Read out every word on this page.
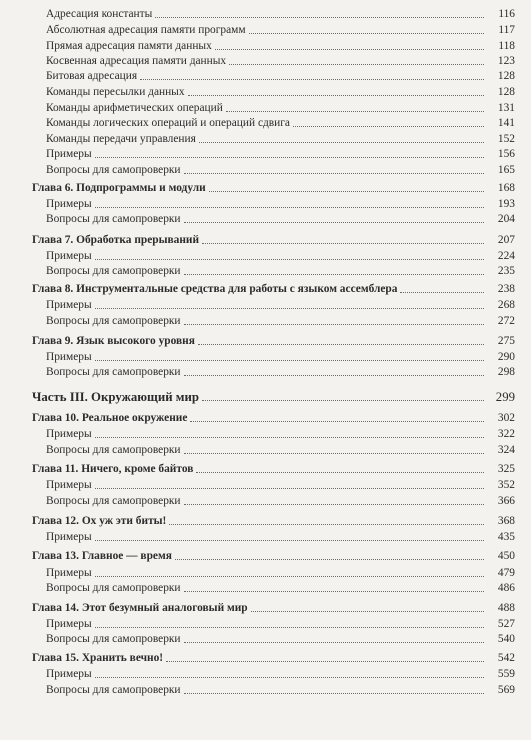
Адресация константы	116
Абсолютная адресация памяти программ	117
Прямая адресация памяти данных	118
Косвенная адресация памяти данных	123
Битовая адресация	128
Команды пересылки данных	128
Команды арифметических операций	131
Команды логических операций и операций сдвига	141
Команды передачи управления	152
Примеры	156
Вопросы для самопроверки	165
Глава 6. Подпрограммы и модули	168
Примеры	193
Вопросы для самопроверки	204
Глава 7. Обработка прерываний	207
Примеры	224
Вопросы для самопроверки	235
Глава 8. Инструментальные средства для работы с языком ассемблера	238
Примеры	268
Вопросы для самопроверки	272
Глава 9. Язык высокого уровня	275
Примеры	290
Вопросы для самопроверки	298
Часть III. Окружающий мир	299
Глава 10. Реальное окружение	302
Примеры	322
Вопросы для самопроверки	324
Глава 11. Ничего, кроме байтов	325
Примеры	352
Вопросы для самопроверки	366
Глава 12. Ох уж эти биты!	368
Примеры	435
Глава 13. Главное — время	450
Примеры	479
Вопросы для самопроверки	486
Глава 14. Этот безумный аналоговый мир	488
Примеры	527
Вопросы для самопроверки	540
Глава 15. Хранить вечно!	542
Примеры	559
Вопросы для самопроверки	569
